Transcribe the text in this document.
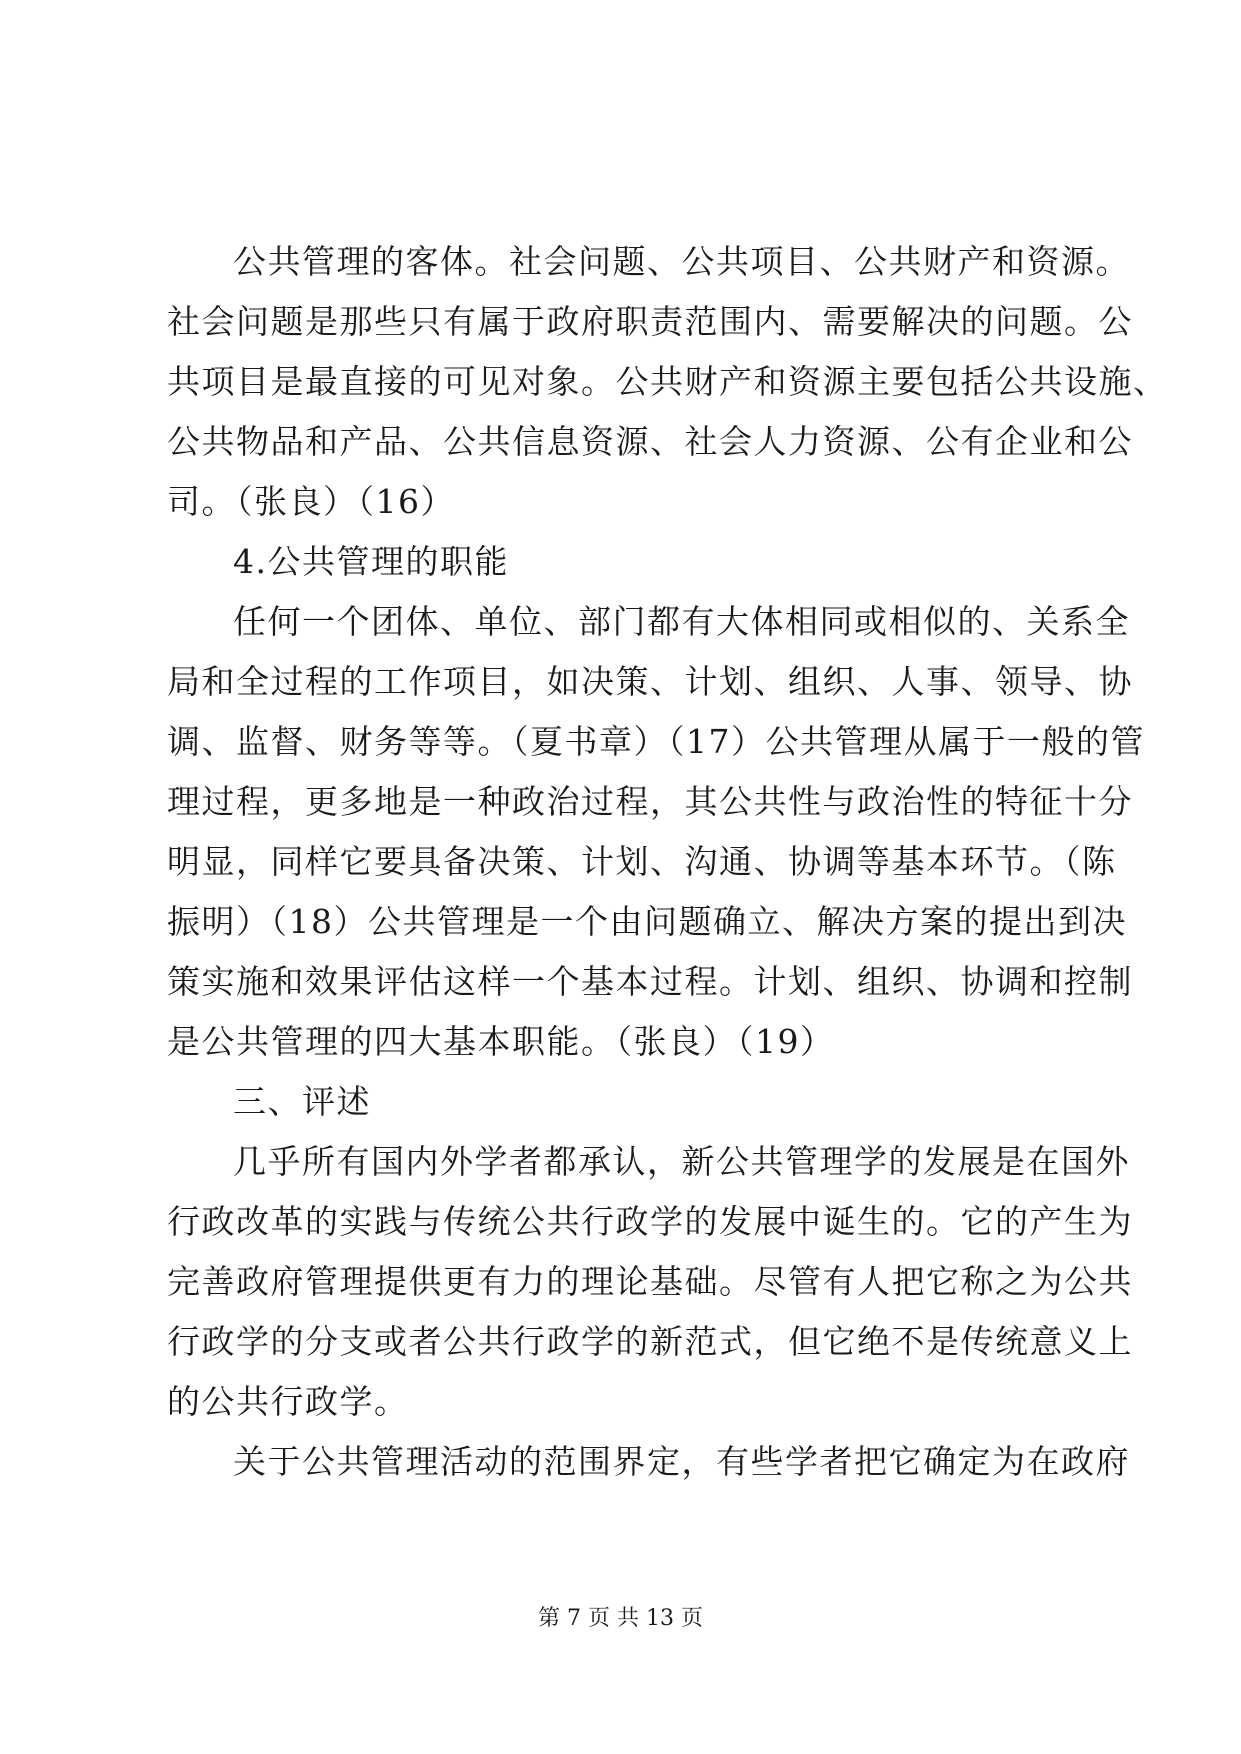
公共管理的客体。社会问题、公共项目、公共财产和资源。
社会问题是那些只有属于政府职责范围内、需要解决的问题。公
共项目是最直接的可见对象。公共财产和资源主要包括公共设施、
公共物品和产品、公共信息资源、社会人力资源、公有企业和公
司。（张良）（16）
4.公共管理的职能
任何一个团体、单位、部门都有大体相同或相似的、关系全
局和全过程的工作项目，如决策、计划、组织、人事、领导、协
调、监督、财务等等。（夏书章）（17）公共管理从属于一般的管
理过程，更多地是一种政治过程，其公共性与政治性的特征十分
明显，同样它要具备决策、计划、沟通、协调等基本环节。（陈
振明）（18）公共管理是一个由问题确立、解决方案的提出到决
策实施和效果评估这样一个基本过程。计划、组织、协调和控制
是公共管理的四大基本职能。（张良）（19）
三、评述
几乎所有国内外学者都承认，新公共管理学的发展是在国外
行政改革的实践与传统公共行政学的发展中诞生的。它的产生为
完善政府管理提供更有力的理论基础。尽管有人把它称之为公共
行政学的分支或者公共行政学的新范式，但它绝不是传统意义上
的公共行政学。
关于公共管理活动的范围界定，有些学者把它确定为在政府
第 7 页 共 13 页
